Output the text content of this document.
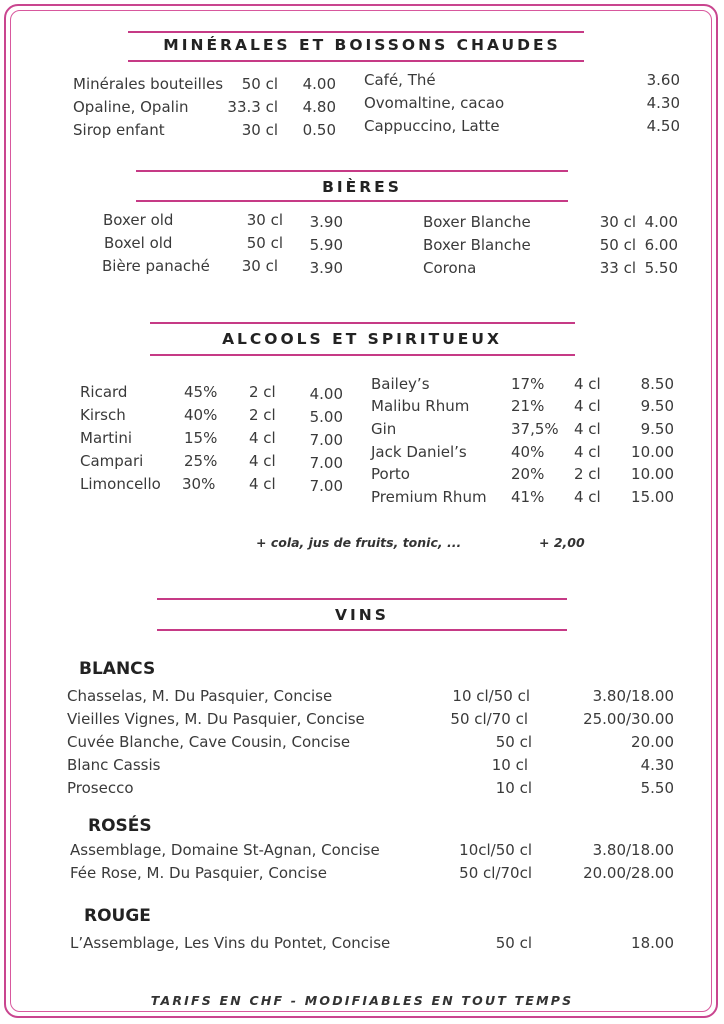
MINÉRALES ET BOISSONS CHAUDES
Minérales bouteilles	50 cl	4.00
Opaline, Opalin	33.3 cl	4.80
Sirop enfant	30 cl	0.50
Café, Thé	3.60
Ovomaltine, cacao	4.30
Cappuccino, Latte	4.50
BIÈRES
Boxer old	30 cl	3.90
Boxel old	50 cl	5.90
Bière panaché	30 cl	3.90
Boxer Blanche	30 cl 4.00
Boxer Blanche	50 cl 6.00
Corona	33 cl 5.50
ALCOOLS ET SPIRITUEUX
Ricard	45% 2 cl	4.00
Kirsch	40% 2 cl	5.00
Martini	15% 4 cl	7.00
Campari	25% 4 cl	7.00
Limoncello 30% 4 cl	7.00
Bailey’s	17% 4 cl	8.50
Malibu Rhum	21% 4 cl	9.50
Gin	37,5% 4 cl	9.50
Jack Daniel’s	40% 4 cl	10.00
Porto	20% 2 cl	10.00
Premium Rhum 41% 4 cl	15.00
+ cola, jus de fruits, tonic, ...	+ 2,00
VINS
BLANCS
Chasselas, M. Du Pasquier, Concise	10 cl/50 cl	3.80/18.00
Vieilles Vignes, M. Du Pasquier, Concise	50 cl/70 cl	25.00/30.00
Cuvée Blanche, Cave Cousin, Concise	50 cl	20.00
Blanc Cassis	10 cl	4.30
Prosecco	10 cl	5.50
ROSÉS
Assemblage, Domaine St-Agnan, Concise	10cl/50 cl	3.80/18.00
Fée Rose, M. Du Pasquier, Concise	50 cl/70cl	20.00/28.00
ROUGE
L’Assemblage, Les Vins du Pontet, Concise	50 cl	18.00
TARIFS EN CHF - MODIFIABLES EN TOUT TEMPS
